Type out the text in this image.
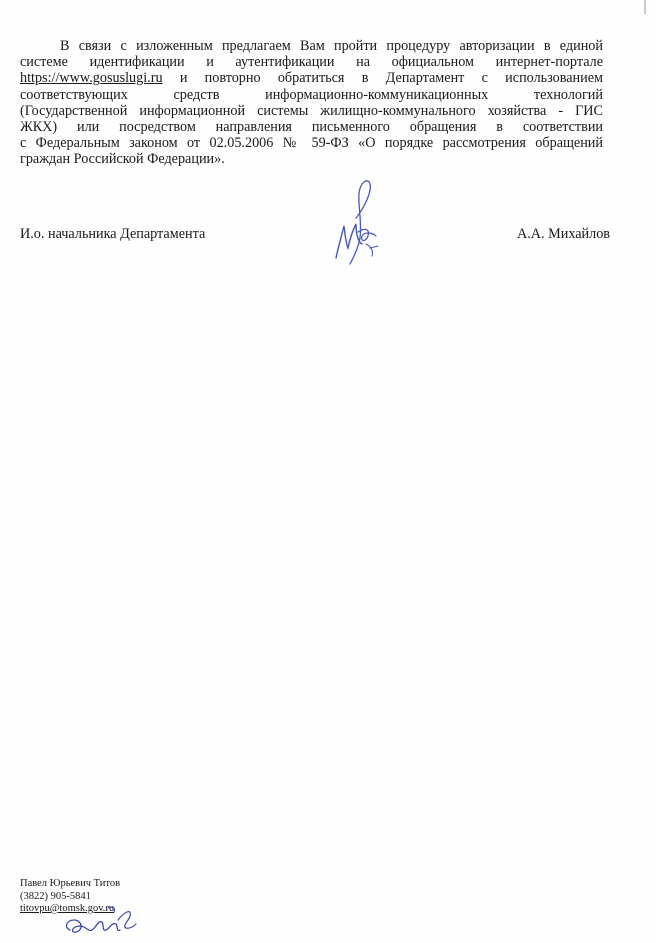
В связи с изложенным предлагаем Вам пройти процедуру авторизации в единой
системе идентификации и аутентификации на официальном интернет-портале
https://www.gosuslugi.ru и повторно обратиться в Департамент с использованием
соответствующих средств информационно-коммуникационных технологий
(Государственной информационной системы жилищно-коммунального хозяйства - ГИС
ЖКХ) или посредством направления письменного обращения в соответствии
с Федеральным законом от 02.05.2006 № 59-ФЗ «О порядке рассмотрения обращений
граждан Российской Федерации».
И.о. начальника Департамента	А.А. Михайлов
Павел Юрьевич Титов
(3822) 905-5841
titovpu@tomsk.gov.ru
